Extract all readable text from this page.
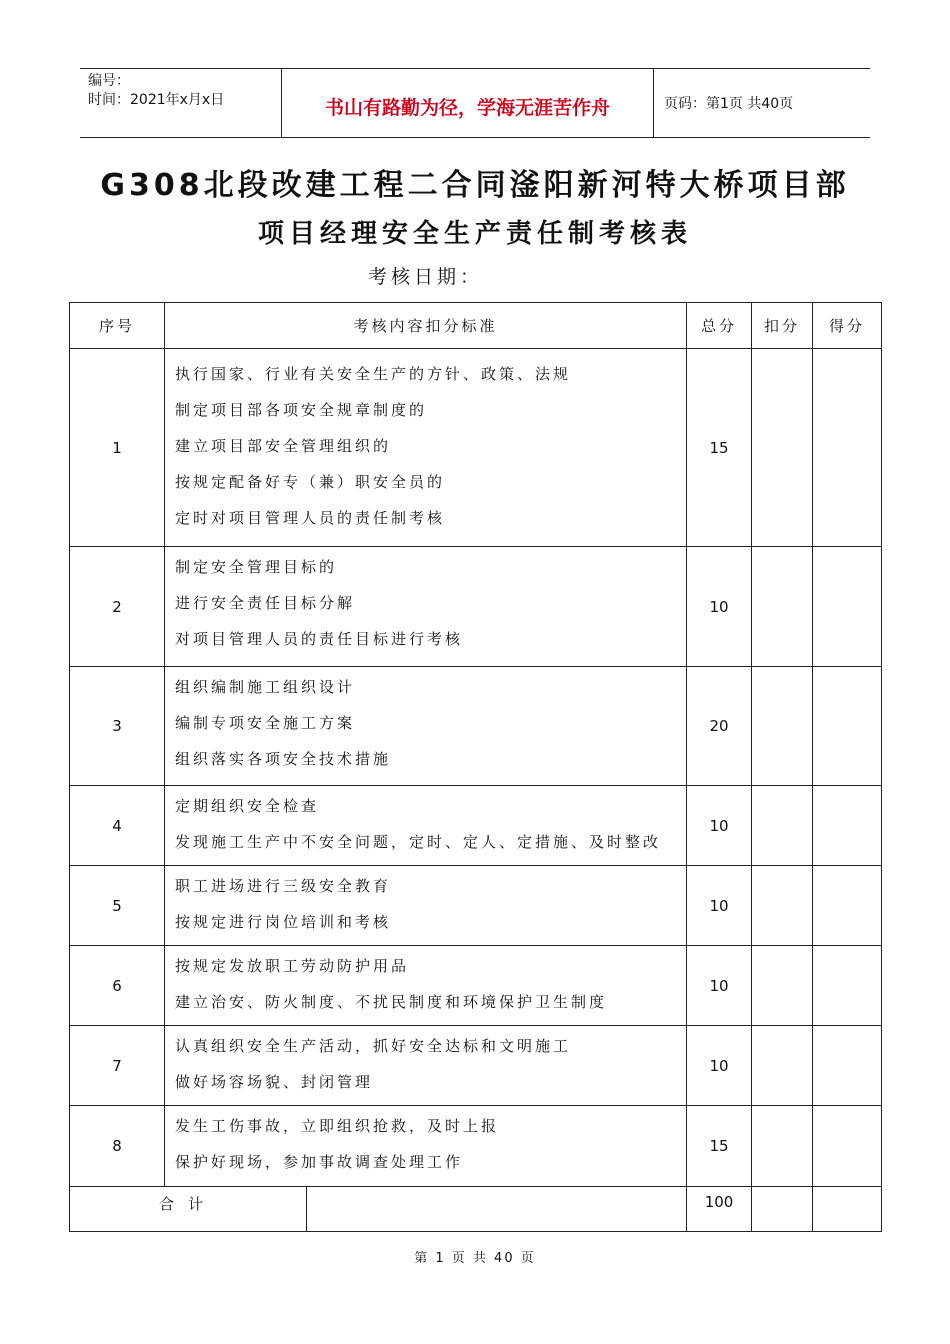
编号：
时间：2021年x月x日	书山有路勤为径，学海无涯苦作舟	页码：第1页 共40页
G308北段改建工程二合同滏阳新河特大桥项目部
项目经理安全生产责任制考核表
考核日期：
序号	考核内容扣分标准		总分	扣分	得分
1	执行国家、行业有关安全生产的方针、政策、法规
制定项目部各项安全规章制度的
建立项目部安全管理组织的
按规定配备好专（兼）职安全员的
定时对项目管理人员的责任制考核		15		
2	制定安全管理目标的
进行安全责任目标分解
对项目管理人员的责任目标进行考核		10		
3	组织编制施工组织设计
编制专项安全施工方案
组织落实各项安全技术措施		20		
4	定期组织安全检查
发现施工生产中不安全问题，定时、定人、定措施、及时整改		10		
5	职工进场进行三级安全教育
按规定进行岗位培训和考核		10		
6	按规定发放职工劳动防护用品
建立治安、防火制度、不扰民制度和环境保护卫生制度		10		
7	认真组织安全生产活动，抓好安全达标和文明施工
做好场容场貌、封闭管理		10		
8	发生工伤事故，立即组织抢救，及时上报
保护好现场，参加事故调查处理工作		15		
合计			100		
第 1 页 共 40 页
